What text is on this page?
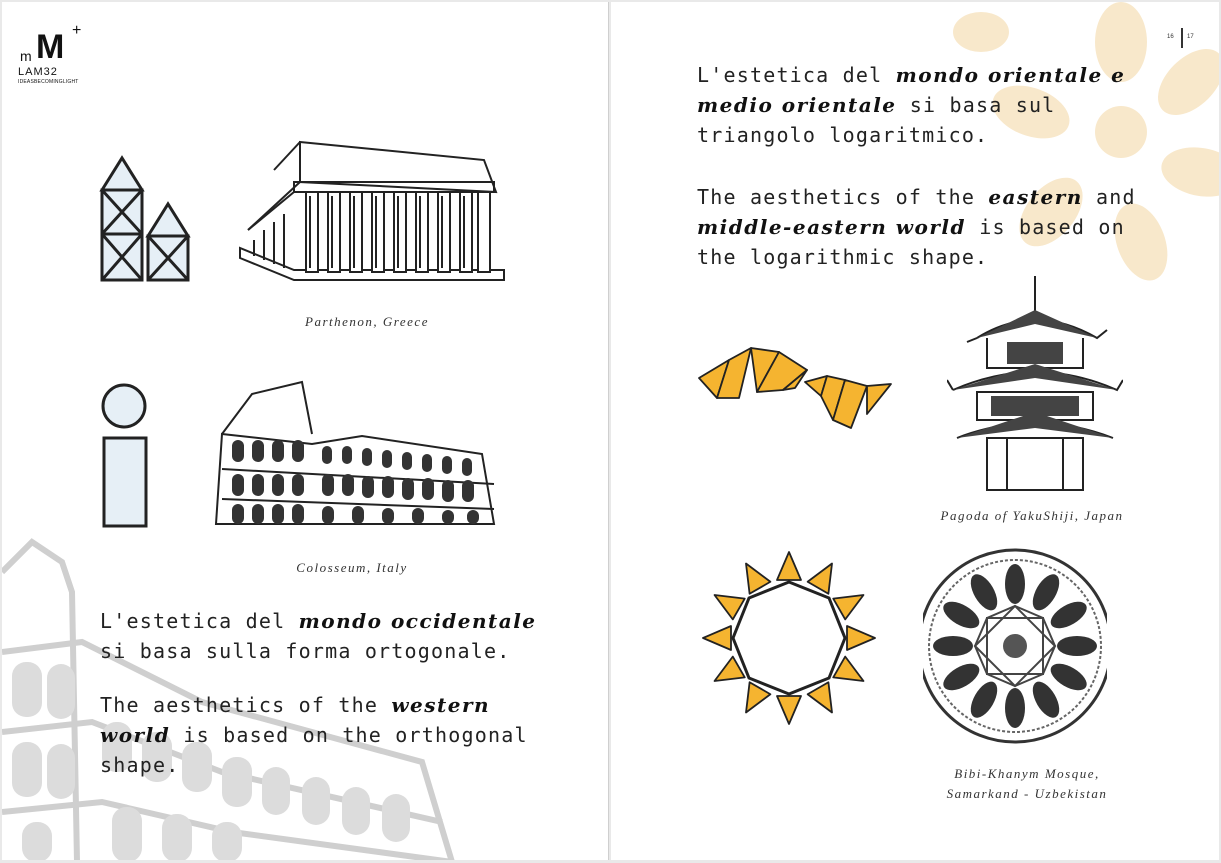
m M +
LAM32
IDEASBECOMINGLIGHT
Parthenon, Greece
Colosseum, Italy
L'estetica del mondo occidentale
si basa sulla forma ortogonale.
The aesthetics of the western
world is based on the orthogonal
shape.
16 17
L'estetica del mondo orientale e
medio orientale si basa sul
triangolo logaritmico.
The aesthetics of the eastern and
middle-eastern world is based on
the logarithmic shape.
Pagoda of YakuShiji, Japan
Bibi-Khanym Mosque,
Samarkand - Uzbekistan
